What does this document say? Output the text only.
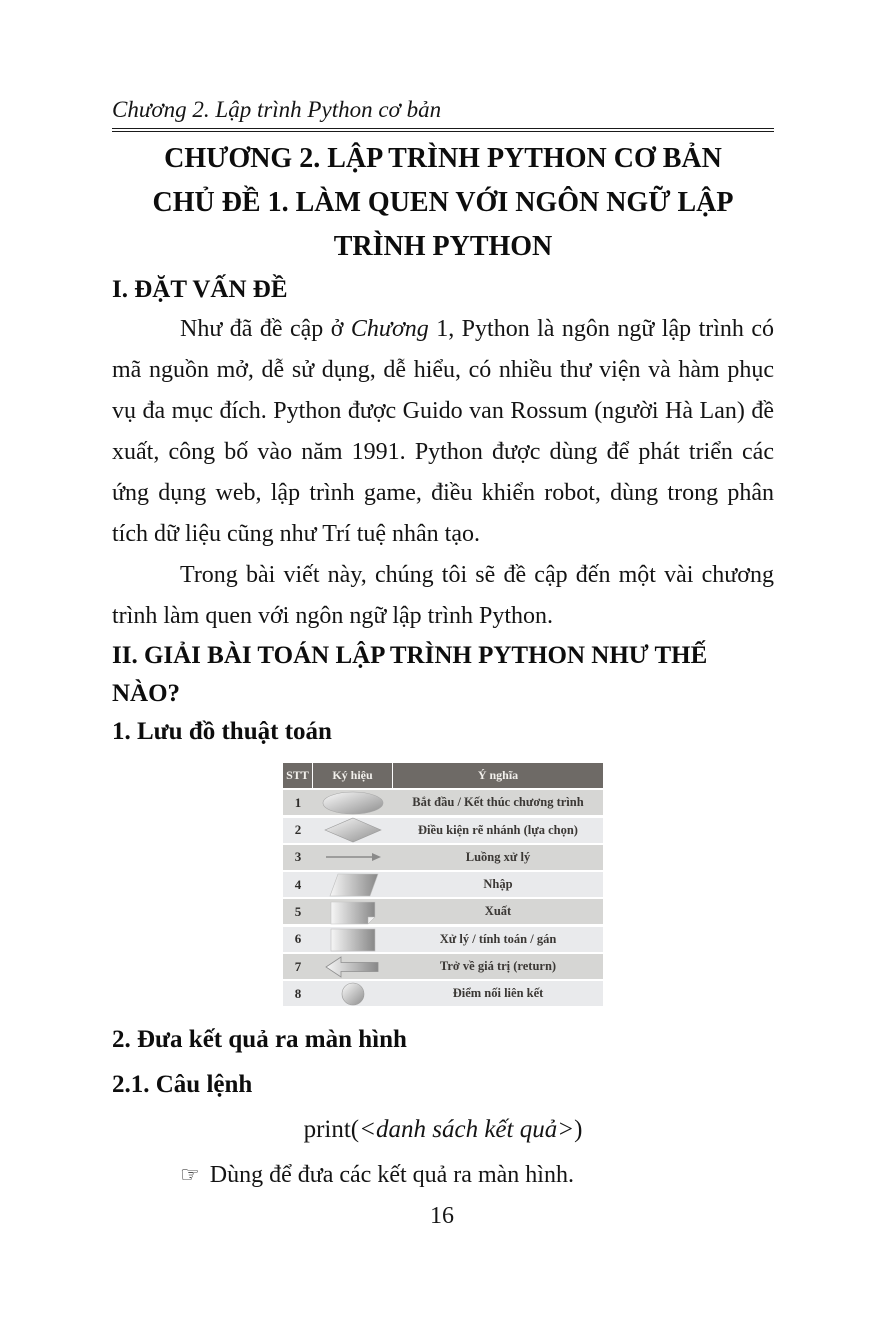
Chương 2. Lập trình Python cơ bản
CHƯƠNG 2. LẬP TRÌNH PYTHON CƠ BẢN
CHỦ ĐỀ 1. LÀM QUEN VỚI NGÔN NGỮ LẬP
TRÌNH PYTHON
I. ĐẶT VẤN ĐỀ

Như đã đề cập ở Chương 1, Python là ngôn ngữ lập trình có mã nguồn mở, dễ sử dụng, dễ hiểu, có nhiều thư viện và hàm phục vụ đa mục đích. Python được Guido van Rossum (người Hà Lan) đề xuất, công bố vào năm 1991. Python được dùng để phát triển các ứng dụng web, lập trình game, điều khiển robot, dùng trong phân tích dữ liệu cũng như Trí tuệ nhân tạo.

Trong bài viết này, chúng tôi sẽ đề cập đến một vài chương trình làm quen với ngôn ngữ lập trình Python.

II. GIẢI BÀI TOÁN LẬP TRÌNH PYTHON NHƯ THẾ NÀO?
1. Lưu đồ thuật toán
STT	Ký hiệu	Ý nghĩa
1	Bắt đầu / Kết thúc chương trình
2	Điều kiện rẽ nhánh (lựa chọn)
3	Luồng xử lý
4	Nhập
5	Xuất
6	Xử lý / tính toán / gán
7	Trở về giá trị (return)
8	Điểm nối liên kết
2. Đưa kết quả ra màn hình
2.1. Câu lệnh
print(<danh sách kết quả>)
☞ Dùng để đưa các kết quả ra màn hình.
16
